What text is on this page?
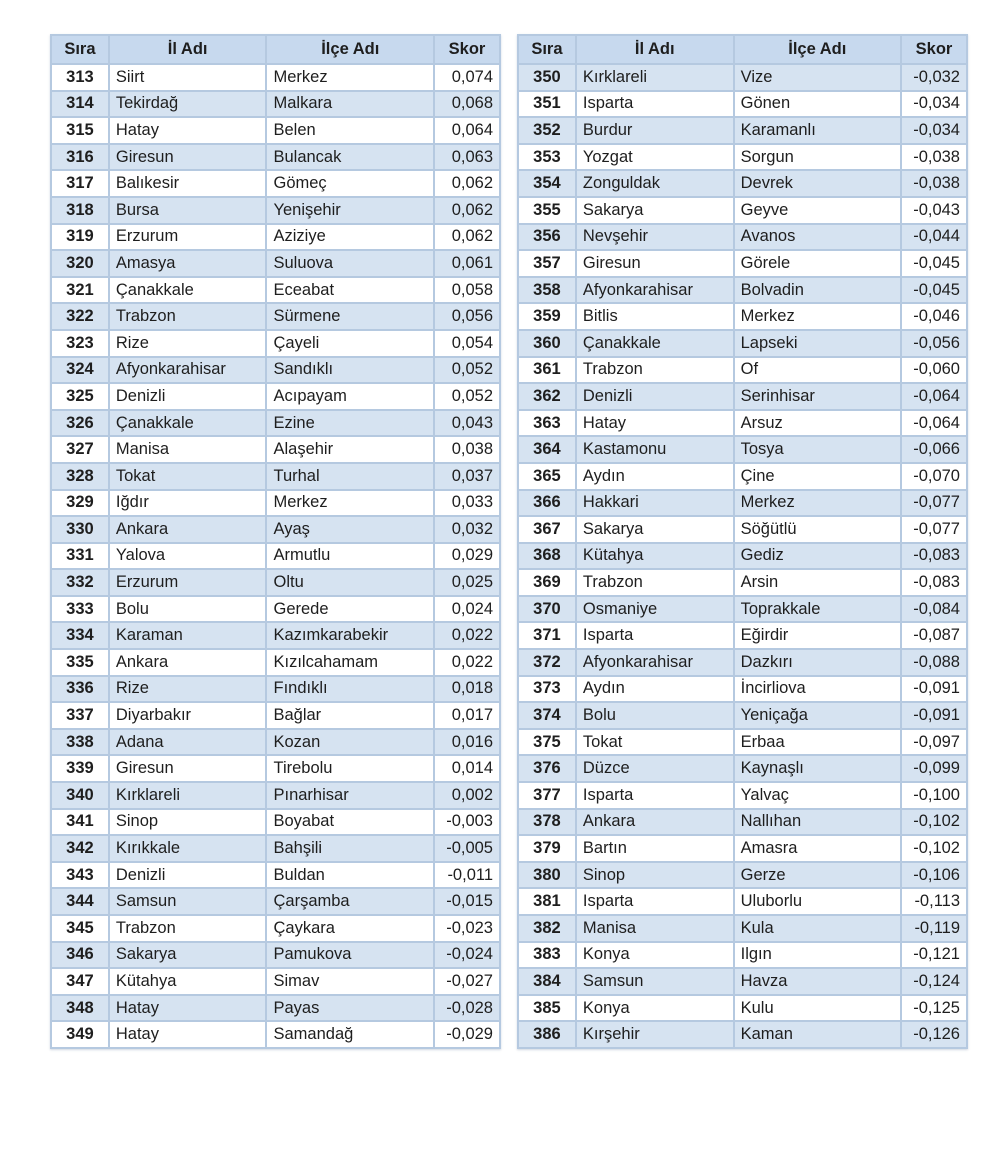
Sıra	İl Adı	İlçe Adı	Skor
313	Siirt	Merkez	0,074
314	Tekirdağ	Malkara	0,068
315	Hatay	Belen	0,064
316	Giresun	Bulancak	0,063
317	Balıkesir	Gömeç	0,062
318	Bursa	Yenişehir	0,062
319	Erzurum	Aziziye	0,062
320	Amasya	Suluova	0,061
321	Çanakkale	Eceabat	0,058
322	Trabzon	Sürmene	0,056
323	Rize	Çayeli	0,054
324	Afyonkarahisar	Sandıklı	0,052
325	Denizli	Acıpayam	0,052
326	Çanakkale	Ezine	0,043
327	Manisa	Alaşehir	0,038
328	Tokat	Turhal	0,037
329	Iğdır	Merkez	0,033
330	Ankara	Ayaş	0,032
331	Yalova	Armutlu	0,029
332	Erzurum	Oltu	0,025
333	Bolu	Gerede	0,024
334	Karaman	Kazımkarabekir	0,022
335	Ankara	Kızılcahamam	0,022
336	Rize	Fındıklı	0,018
337	Diyarbakır	Bağlar	0,017
338	Adana	Kozan	0,016
339	Giresun	Tirebolu	0,014
340	Kırklareli	Pınarhisar	0,002
341	Sinop	Boyabat	-0,003
342	Kırıkkale	Bahşili	-0,005
343	Denizli	Buldan	-0,011
344	Samsun	Çarşamba	-0,015
345	Trabzon	Çaykara	-0,023
346	Sakarya	Pamukova	-0,024
347	Kütahya	Simav	-0,027
348	Hatay	Payas	-0,028
349	Hatay	Samandağ	-0,029
Sıra	İl Adı	İlçe Adı	Skor
350	Kırklareli	Vize	-0,032
351	Isparta	Gönen	-0,034
352	Burdur	Karamanlı	-0,034
353	Yozgat	Sorgun	-0,038
354	Zonguldak	Devrek	-0,038
355	Sakarya	Geyve	-0,043
356	Nevşehir	Avanos	-0,044
357	Giresun	Görele	-0,045
358	Afyonkarahisar	Bolvadin	-0,045
359	Bitlis	Merkez	-0,046
360	Çanakkale	Lapseki	-0,056
361	Trabzon	Of	-0,060
362	Denizli	Serinhisar	-0,064
363	Hatay	Arsuz	-0,064
364	Kastamonu	Tosya	-0,066
365	Aydın	Çine	-0,070
366	Hakkari	Merkez	-0,077
367	Sakarya	Söğütlü	-0,077
368	Kütahya	Gediz	-0,083
369	Trabzon	Arsin	-0,083
370	Osmaniye	Toprakkale	-0,084
371	Isparta	Eğirdir	-0,087
372	Afyonkarahisar	Dazkırı	-0,088
373	Aydın	İncirliova	-0,091
374	Bolu	Yeniçağa	-0,091
375	Tokat	Erbaa	-0,097
376	Düzce	Kaynaşlı	-0,099
377	Isparta	Yalvaç	-0,100
378	Ankara	Nallıhan	-0,102
379	Bartın	Amasra	-0,102
380	Sinop	Gerze	-0,106
381	Isparta	Uluborlu	-0,113
382	Manisa	Kula	-0,119
383	Konya	Ilgın	-0,121
384	Samsun	Havza	-0,124
385	Konya	Kulu	-0,125
386	Kırşehir	Kaman	-0,126
